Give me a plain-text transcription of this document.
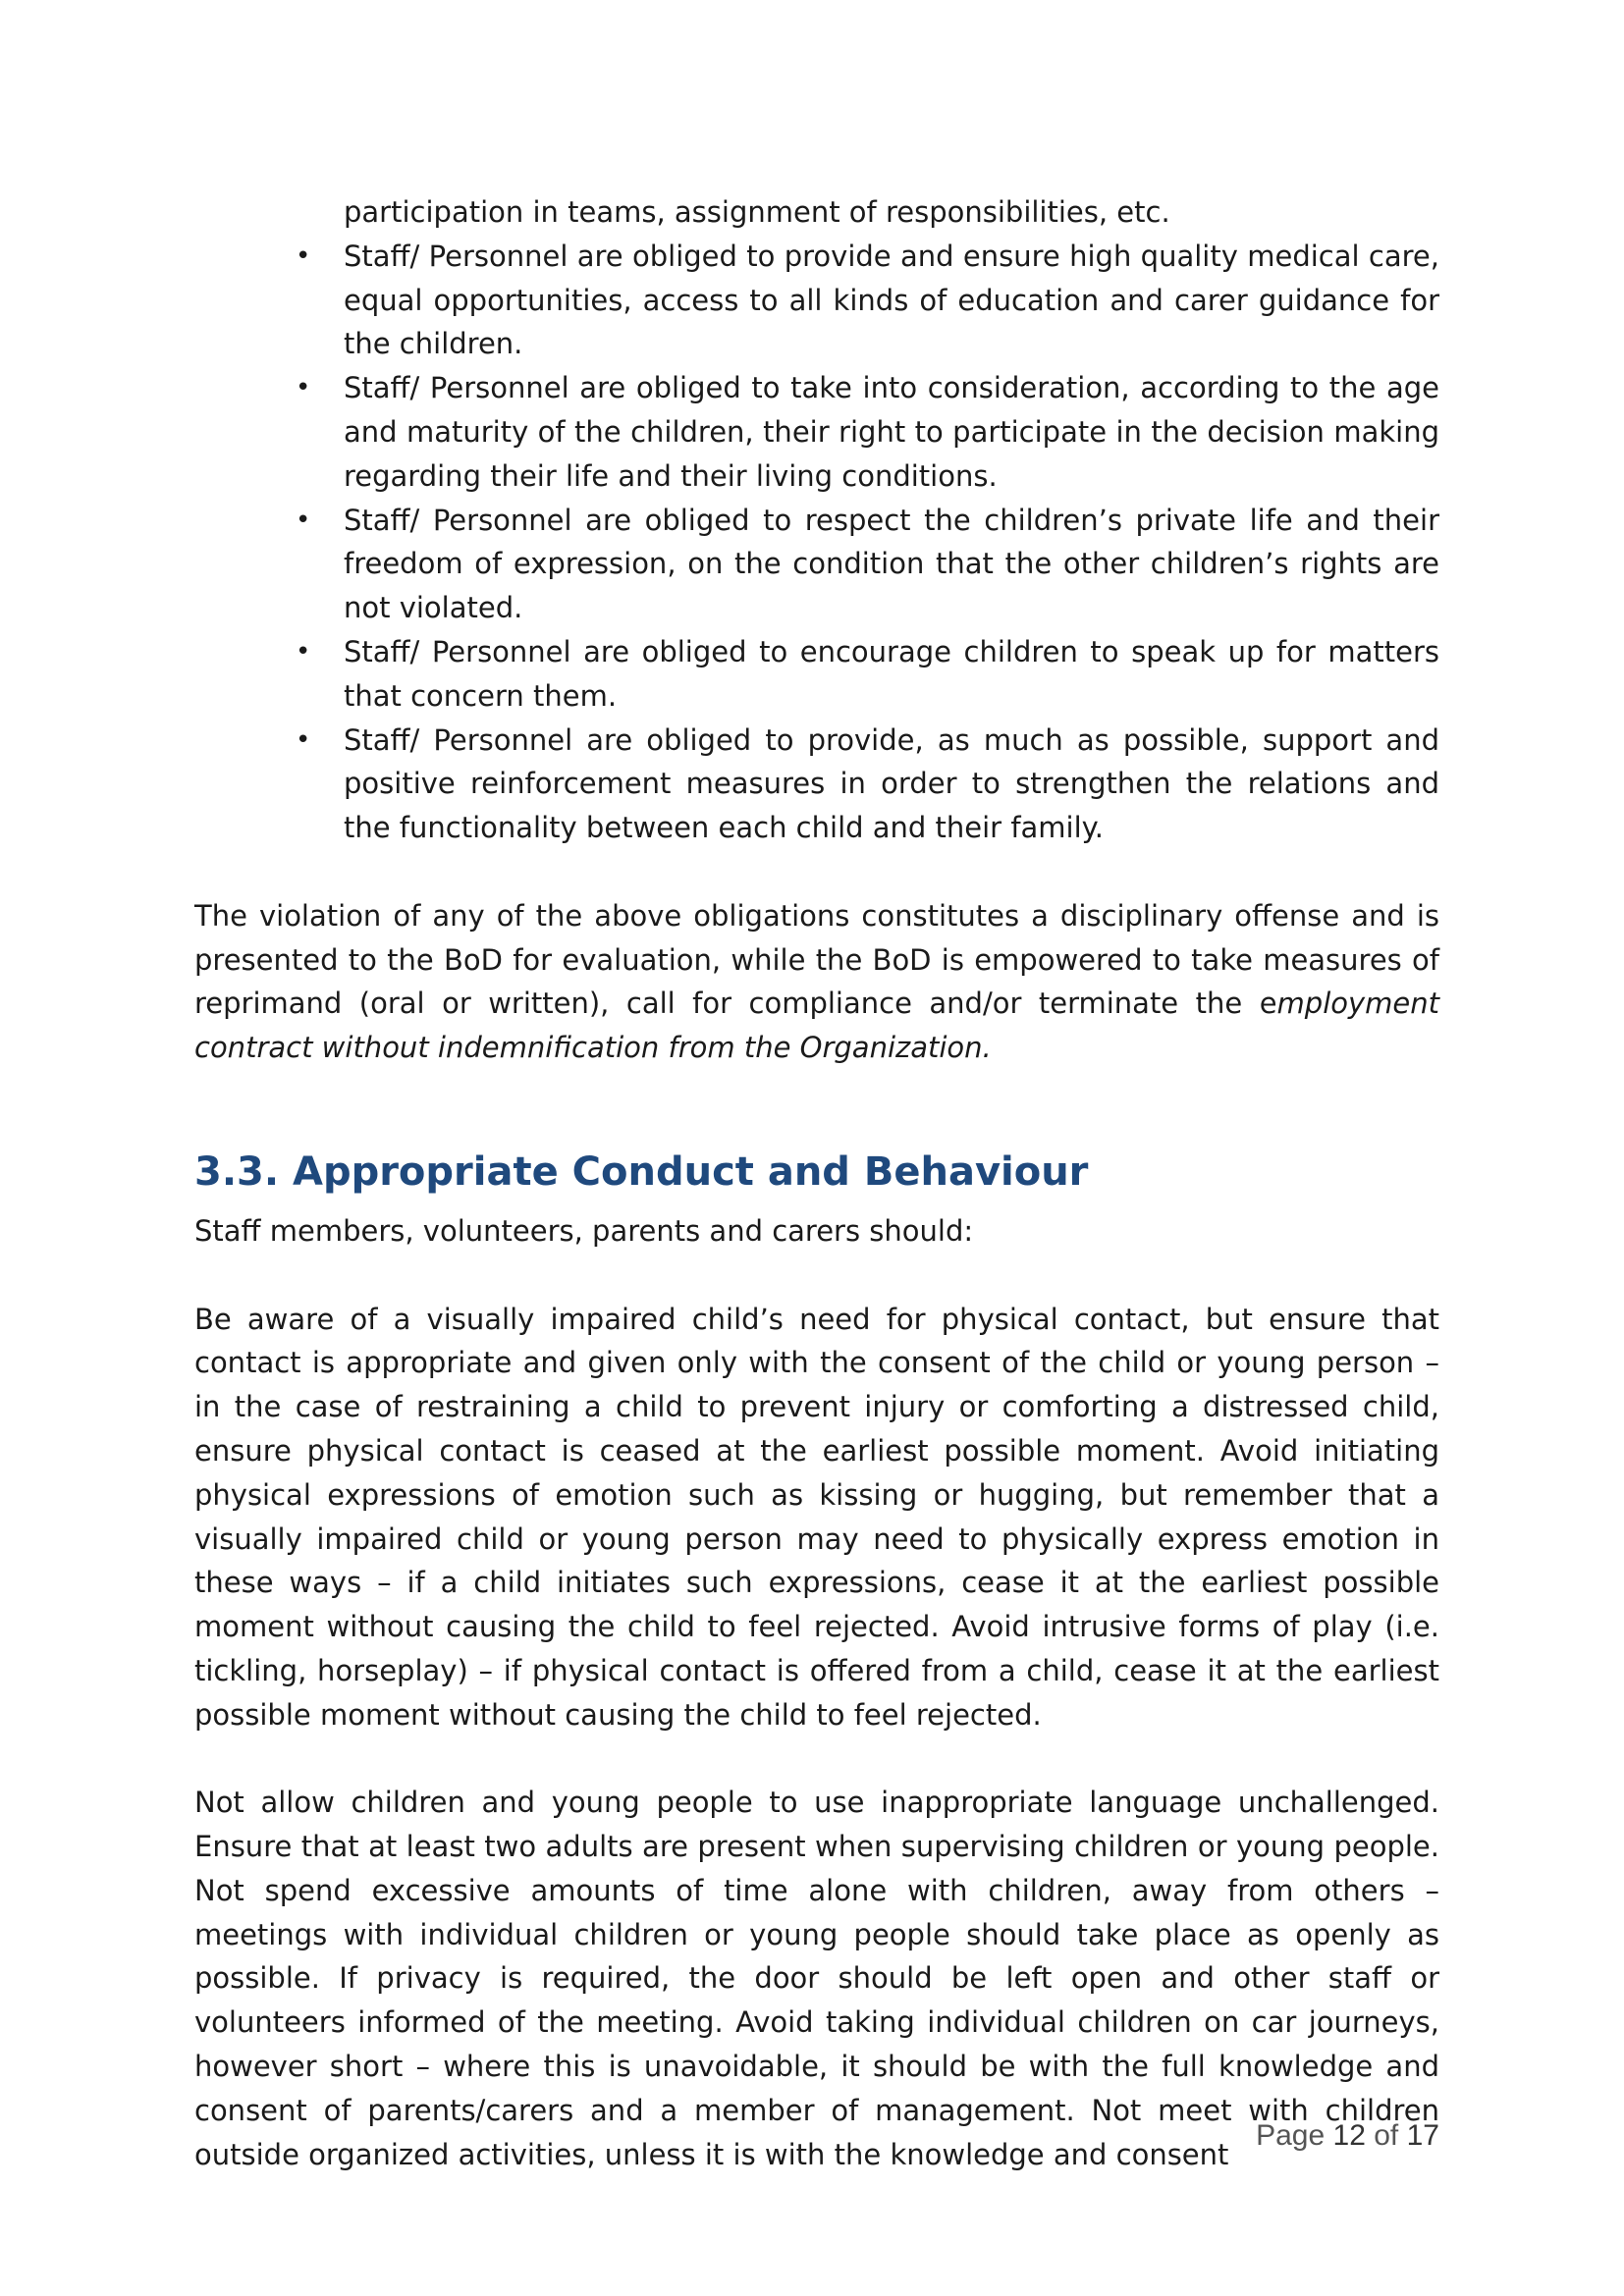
participation in teams, assignment of responsibilities, etc.

• Staff/ Personnel are obliged to provide and ensure high quality medical care, equal opportunities, access to all kinds of education and carer guidance for the children.
• Staff/ Personnel are obliged to take into consideration, according to the age and maturity of the children, their right to participate in the decision making regarding their life and their living conditions.
• Staff/ Personnel are obliged to respect the children’s private life and their freedom of expression, on the condition that the other children’s rights are not violated.
• Staff/ Personnel are obliged to encourage children to speak up for matters that concern them.
• Staff/ Personnel are obliged to provide, as much as possible, support and positive reinforcement measures in order to strengthen the relations and the functionality between each child and their family.

The violation of any of the above obligations constitutes a disciplinary offense and is presented to the BoD for evaluation, while the BoD is empowered to take measures of reprimand (oral or written), call for compliance and/or terminate the employment contract without indemnification from the Organization.

3.3. Appropriate Conduct and Behaviour

Staff members, volunteers, parents and carers should:

Be aware of a visually impaired child’s need for physical contact, but ensure that contact is appropriate and given only with the consent of the child or young person – in the case of restraining a child to prevent injury or comforting a distressed child, ensure physical contact is ceased at the earliest possible moment. Avoid initiating physical expressions of emotion such as kissing or hugging, but remember that a visually impaired child or young person may need to physically express emotion in these ways – if a child initiates such expressions, cease it at the earliest possible moment without causing the child to feel rejected. Avoid intrusive forms of play (i.e. tickling, horseplay) – if physical contact is offered from a child, cease it at the earliest possible moment without causing the child to feel rejected.

Not allow children and young people to use inappropriate language unchallenged. Ensure that at least two adults are present when supervising children or young people. Not spend excessive amounts of time alone with children, away from others – meetings with individual children or young people should take place as openly as possible. If privacy is required, the door should be left open and other staff or volunteers informed of the meeting. Avoid taking individual children on car journeys, however short – where this is unavoidable, it should be with the full knowledge and consent of parents/carers and a member of management. Not meet with children outside organized activities, unless it is with the knowledge and consent

Page 12 of 17
